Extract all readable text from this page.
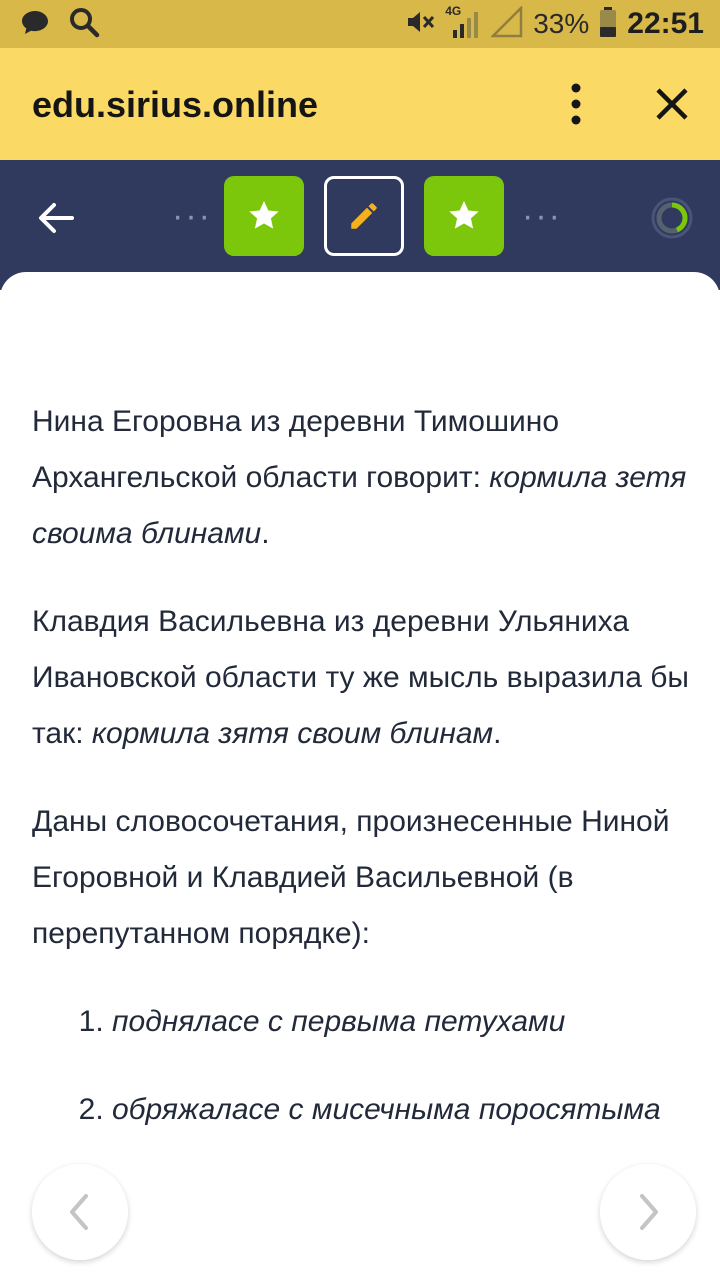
4G	33% 22:51
edu.sirius.online
···	···

Нина Егоровна из деревни Тимошино Архангельской области говорит: кормила зетя своима блинами.

Клавдия Васильевна из деревни Ульяниха Ивановской области ту же мысль выразила бы так: кормила зятя своим блинам.

Даны словосочетания, произнесенные Ниной Егоровной и Клавдией Васильевной (в перепутанном порядке):

1. подняласе с первыма петухами
2. обряжаласе с мисечныма поросятыма
